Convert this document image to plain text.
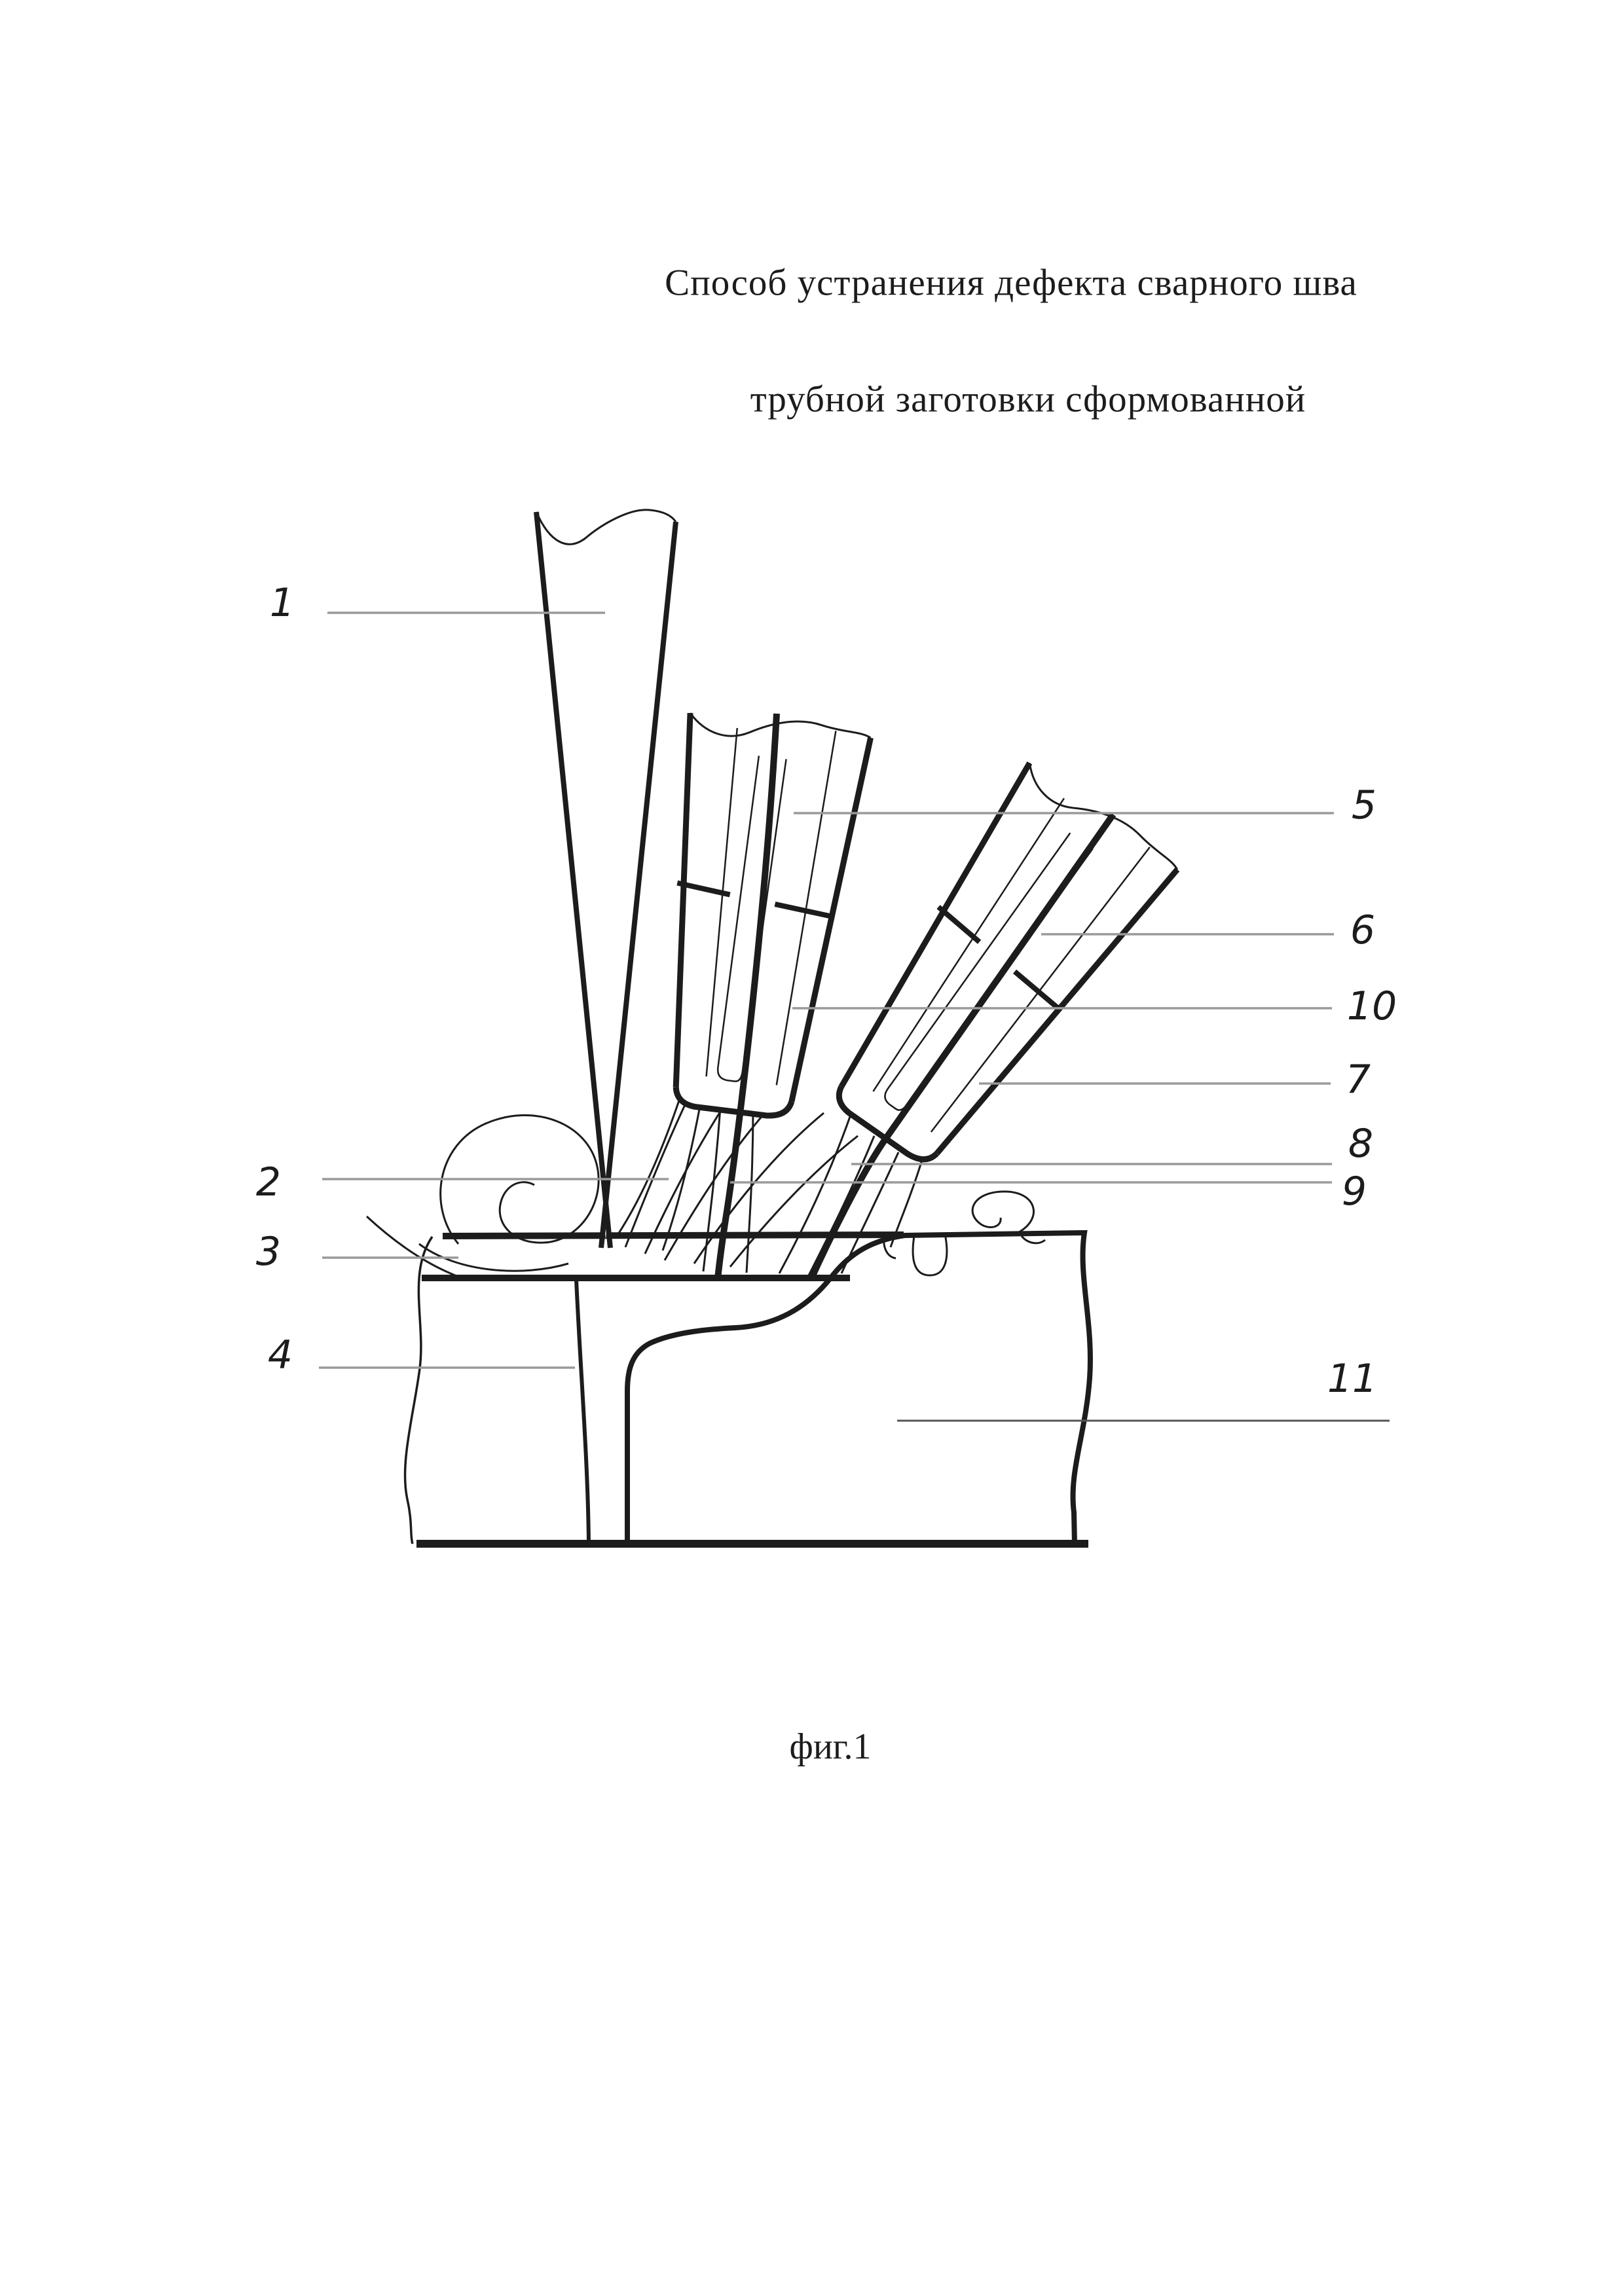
Способ устранения дефекта сварного шва
трубной заготовки сформованной
1
2
3
4
5
6
10
7
8
9
11
фиг.1
